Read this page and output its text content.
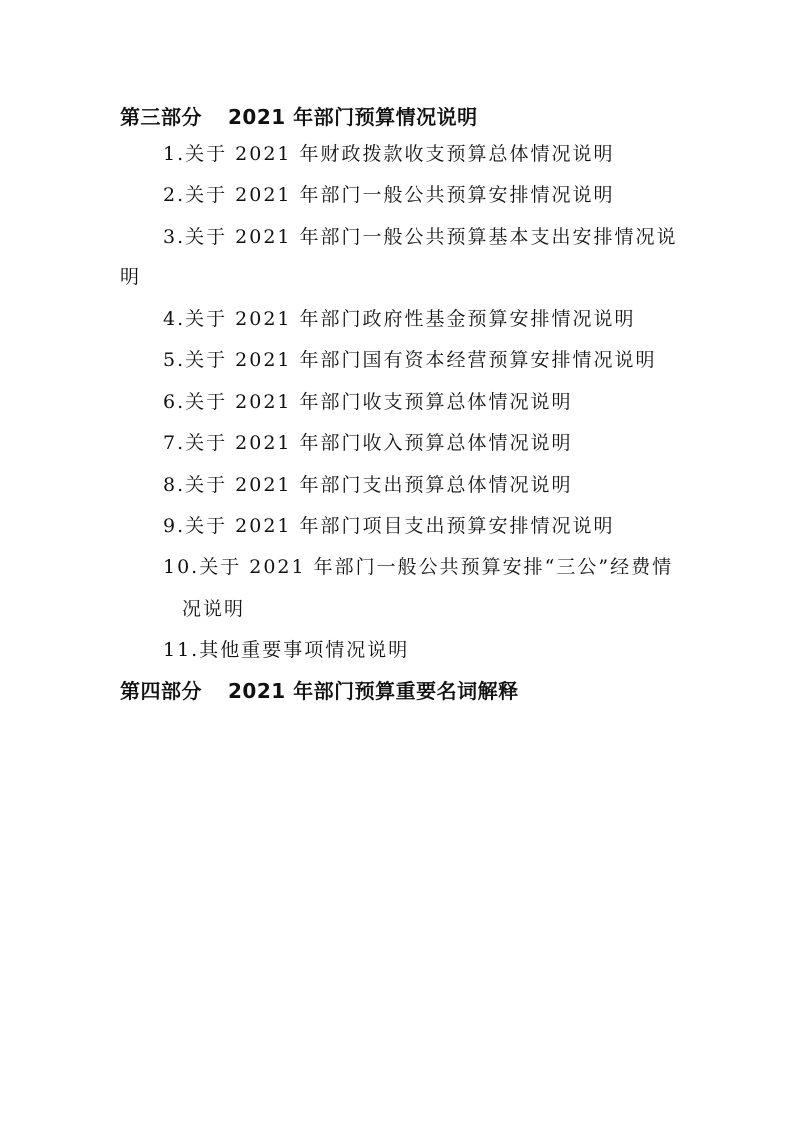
第三部分 2021 年部门预算情况说明
1.关于 2021 年财政拨款收支预算总体情况说明
2.关于 2021 年部门一般公共预算安排情况说明
3.关于 2021 年部门一般公共预算基本支出安排情况说
明
4.关于 2021 年部门政府性基金预算安排情况说明
5.关于 2021 年部门国有资本经营预算安排情况说明
6.关于 2021 年部门收支预算总体情况说明
7.关于 2021 年部门收入预算总体情况说明
8.关于 2021 年部门支出预算总体情况说明
9.关于 2021 年部门项目支出预算安排情况说明
10.关于 2021 年部门一般公共预算安排“三公”经费情
况说明
11.其他重要事项情况说明
第四部分 2021 年部门预算重要名词解释
